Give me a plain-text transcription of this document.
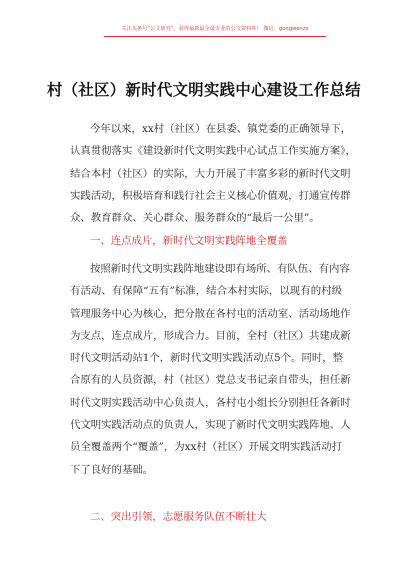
关注头条号“公文研究”，获得最新最全最专业的公文资料库！ 微信：gongwenzx
村（社区）新时代文明实践中心建设工作总结
今年以来，xx村（社区）在县委、镇党委的正确领导下，
认真贯彻落实《建设新时代文明实践中心试点工作实施方案》，
结合本村（社区）的实际，大力开展了丰富多彩的新时代文明
实践活动，积极培育和践行社会主义核心价值观，打通宣传群
众、教育群众、关心群众、服务群众的“最后一公里”。
一、连点成片，新时代文明实践阵地全覆盖
按照新时代文明实践阵地建设即有场所、有队伍、有内容
有活动、有保障“五有”标准，结合本村实际，以现有的村级
管理服务中心为核心，把分散在各村屯的活动室、活动场地作
为支点，连点成片，形成合力。目前，全村（社区）共建成新
时代文明活动站1个，新时代文明实践活动点5个。同时，整
合原有的人员资源，村（社区）党总支书记亲自带头，担任新
时代文明实践活动中心负责人，各村屯小组长分别担任各新时
代文明实践活动点的负责人，实现了新时代文明实践阵地、人
员全覆盖两个“覆盖”，为xx村（社区）开展文明实践活动打
下了良好的基础。
二、突出引领，志愿服务队伍不断壮大
